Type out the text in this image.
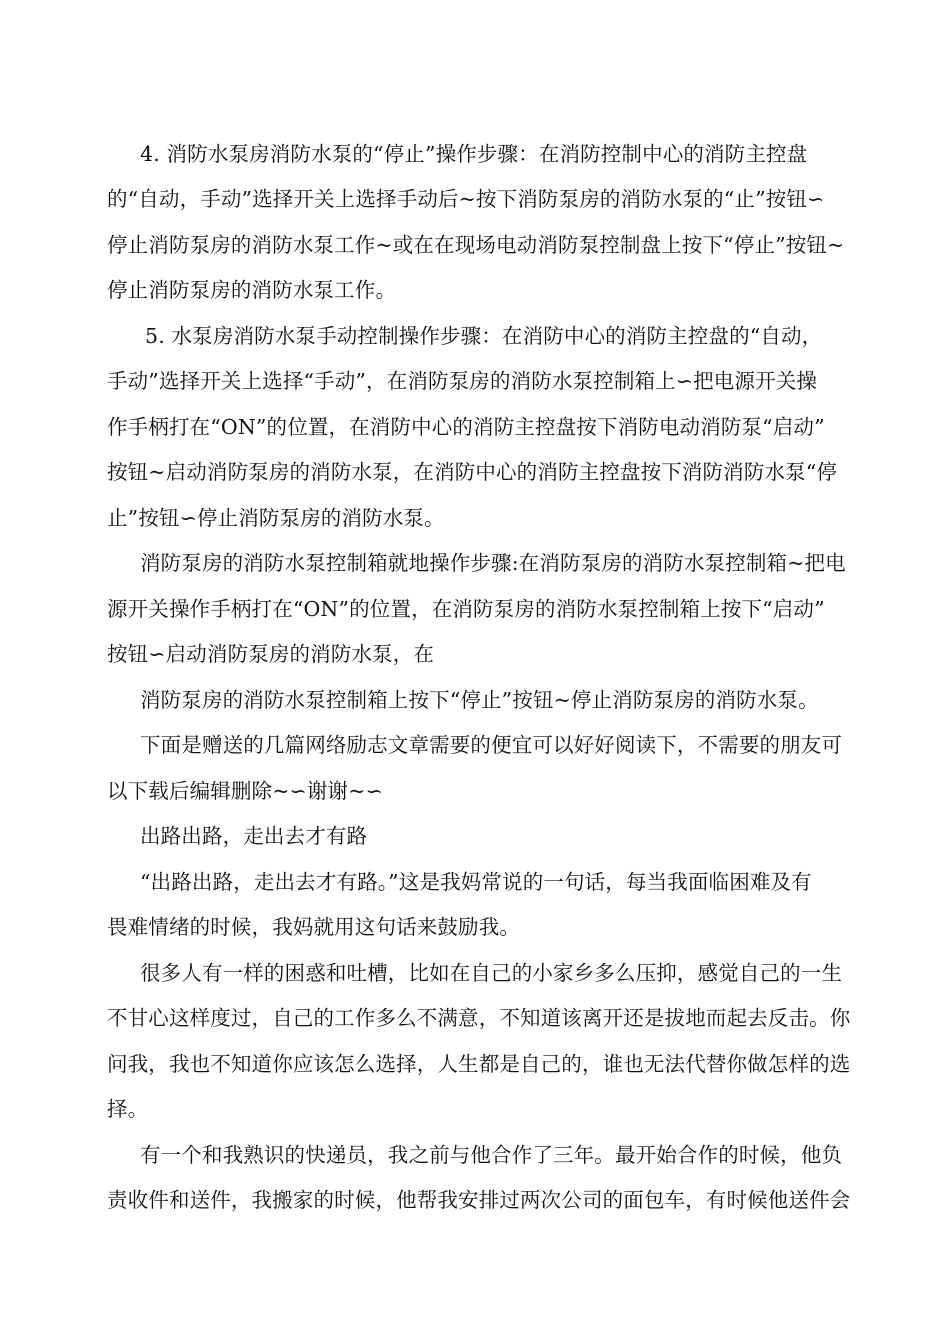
4. 消防水泵房消防水泵的“停止”操作步骤：在消防控制中心的消防主控盘
的“自动，手动”选择开关上选择手动后~按下消防泵房的消防水泵的“止”按钮∽
停止消防泵房的消防水泵工作~或在在现场电动消防泵控制盘上按下“停止”按钮~
停止消防泵房的消防水泵工作。
5. 水泵房消防水泵手动控制操作步骤：在消防中心的消防主控盘的“自动，
手动”选择开关上选择“手动”，在消防泵房的消防水泵控制箱上∽把电源开关操
作手柄打在“ON”的位置，在消防中心的消防主控盘按下消防电动消防泵“启动”
按钮~启动消防泵房的消防水泵，在消防中心的消防主控盘按下消防消防水泵“停
止”按钮∽停止消防泵房的消防水泵。
消防泵房的消防水泵控制箱就地操作步骤:在消防泵房的消防水泵控制箱~把电
源开关操作手柄打在“ON”的位置，在消防泵房的消防水泵控制箱上按下“启动”
按钮∽启动消防泵房的消防水泵，在
消防泵房的消防水泵控制箱上按下“停止”按钮~停止消防泵房的消防水泵。
下面是赠送的几篇网络励志文章需要的便宜可以好好阅读下，不需要的朋友可
以下载后编辑删除~∽谢谢~∽
出路出路，走出去才有路
“出路出路，走出去才有路。”这是我妈常说的一句话，每当我面临困难及有
畏难情绪的时候，我妈就用这句话来鼓励我。
很多人有一样的困惑和吐槽，比如在自己的小家乡多么压抑，感觉自己的一生
不甘心这样度过，自己的工作多么不满意，不知道该离开还是拔地而起去反击。你
问我，我也不知道你应该怎么选择，人生都是自己的，谁也无法代替你做怎样的选
择。
有一个和我熟识的快递员，我之前与他合作了三年。最开始合作的时候，他负
责收件和送件，我搬家的时候，他帮我安排过两次公司的面包车，有时候他送件会
